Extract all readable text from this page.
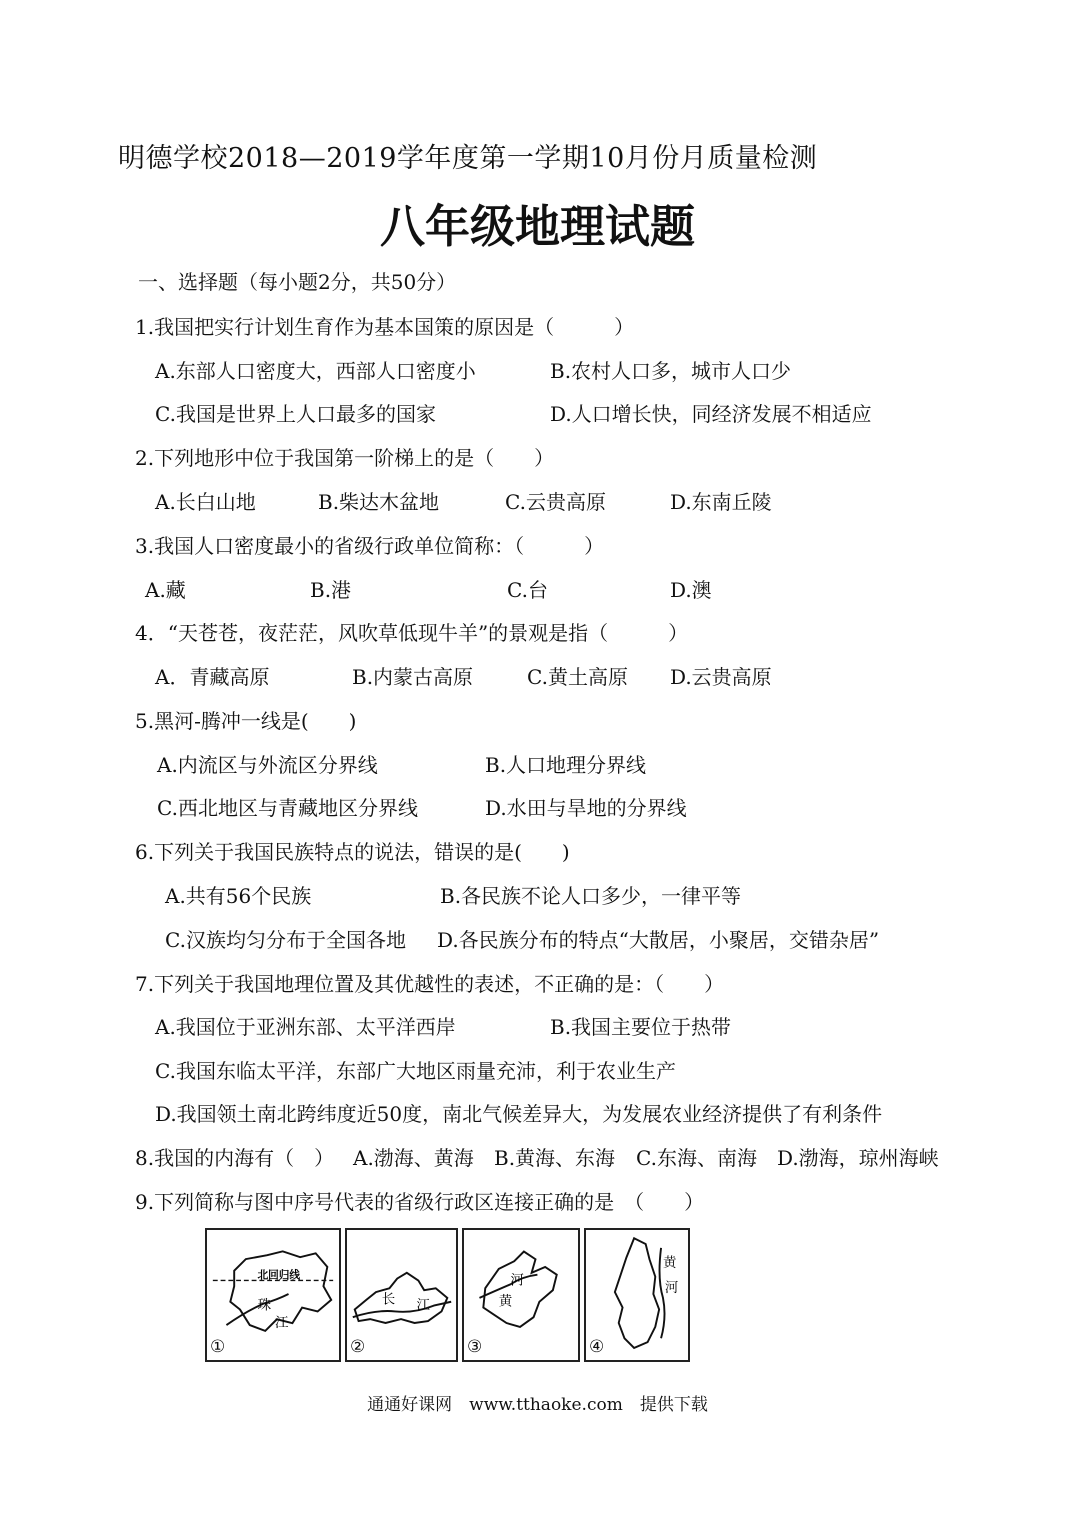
明德学校2018—2019学年度第一学期10月份月质量检测
八年级地理试题
一、选择题（每小题2分，共50分）
1.我国把实行计划生育作为基本国策的原因是（　　　）
A.东部人口密度大，西部人口密度小	B.农村人口多，城市人口少
C.我国是世界上人口最多的国家	D.人口增长快，同经济发展不相适应
2.下列地形中位于我国第一阶梯上的是（　　）
A.长白山地	B.柴达木盆地	C.云贵高原	D.东南丘陵
3.我国人口密度最小的省级行政单位简称：（　　　）
A.藏	B.港	C.台	D.澳
4．“天苍苍，夜茫茫，风吹草低现牛羊”的景观是指（　　　）
A．青藏高原	B.内蒙古高原	C.黄土高原 D.云贵高原
5.黑河-腾冲一线是(　　)
A.内流区与外流区分界线	B.人口地理分界线
C.西北地区与青藏地区分界线	D.水田与旱地的分界线
6.下列关于我国民族特点的说法，错误的是(　　)
A.共有56个民族	B.各民族不论人口多少，一律平等
C.汉族均匀分布于全国各地 D.各民族分布的特点“大散居，小聚居，交错杂居”
7.下列关于我国地理位置及其优越性的表述，不正确的是：（　　）
A.我国位于亚洲东部、太平洋西岸	B.我国主要位于热带
C.我国东临太平洋，东部广大地区雨量充沛，利于农业生产
D.我国领土南北跨纬度近50度，南北气候差异大，为发展农业经济提供了有利条件
8.我国的内海有（　） A.渤海、黄海 B.黄海、东海 C.东海、南海 D.渤海，琼州海峡
9.下列简称与图中序号代表的省级行政区连接正确的是　（　　）
北回归线
珠
江
①
长 江
②
河
黄
③
黄
河
④
通通好课网　www.tthaoke.com　提供下载
